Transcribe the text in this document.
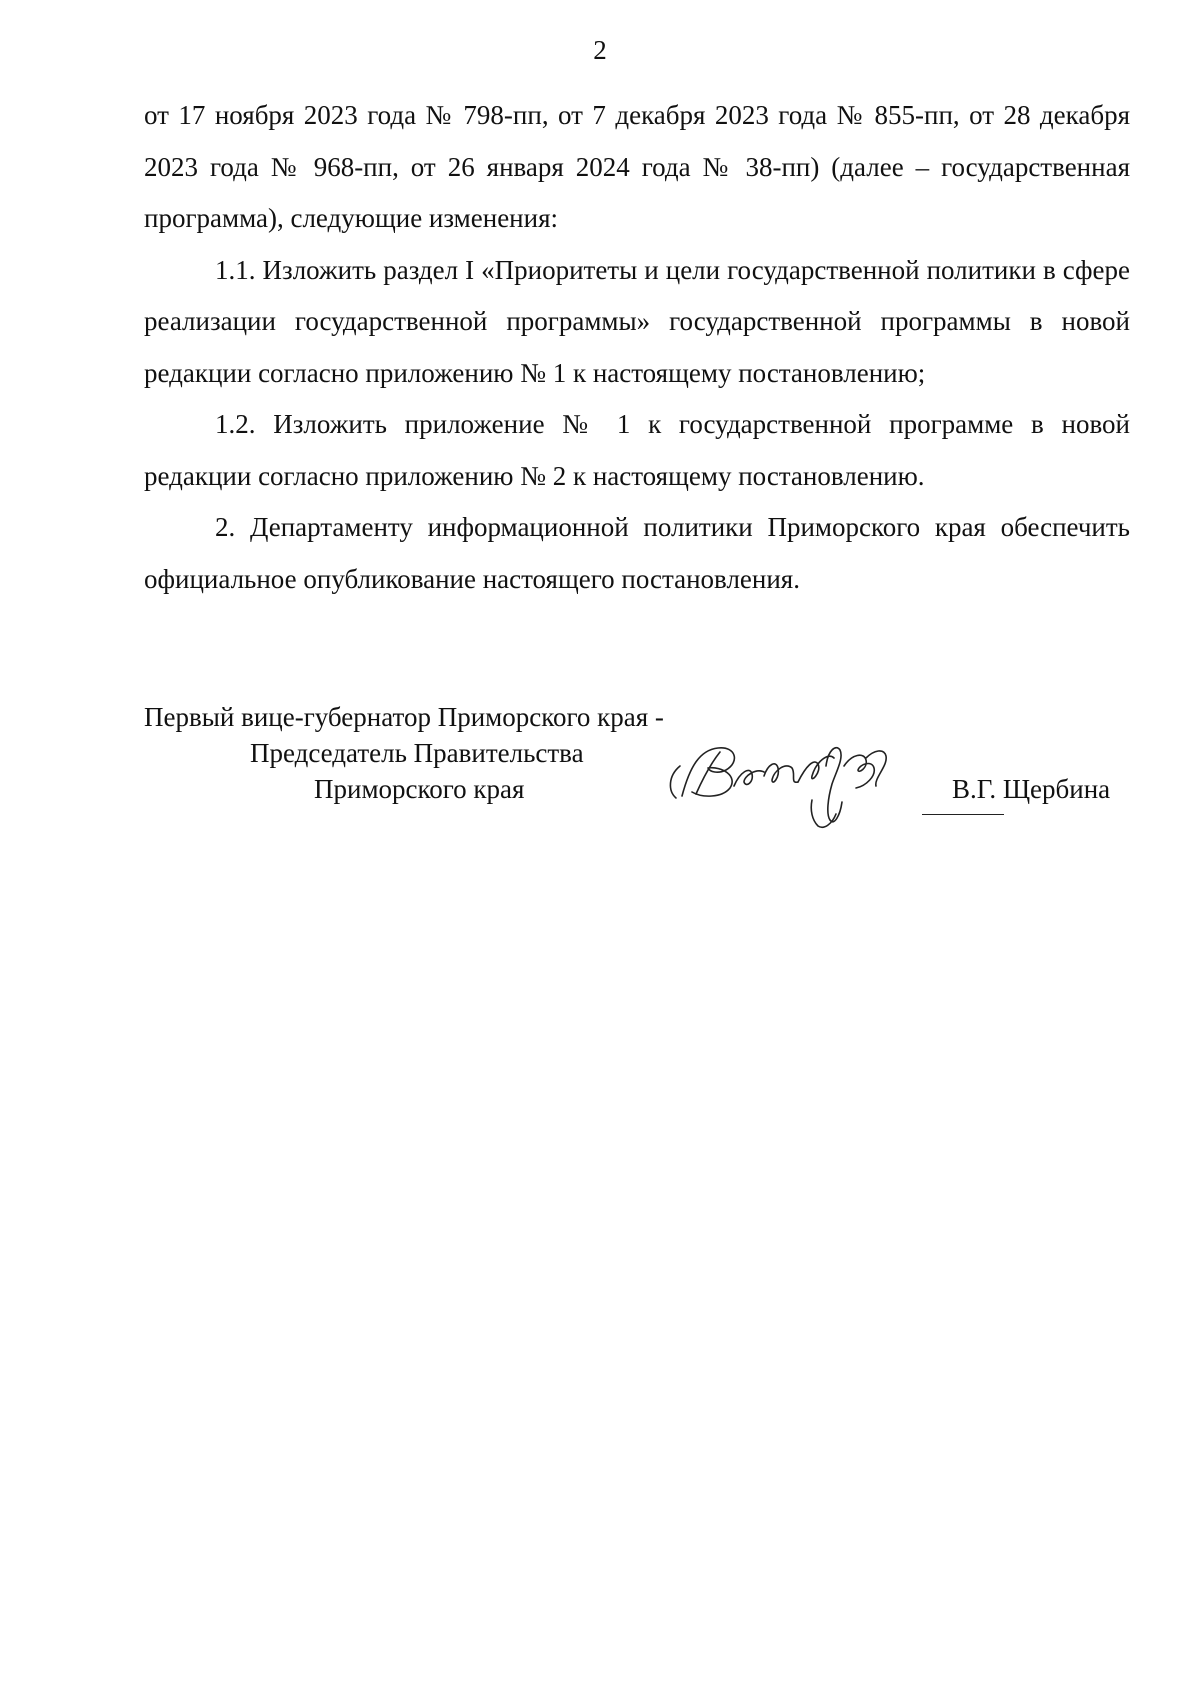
2

от 17 ноября 2023 года № 798-пп, от 7 декабря 2023 года № 855-пп, от 28 декабря 2023 года № 968-пп, от 26 января 2024 года № 38-пп) (далее – государственная программа), следующие изменения:

1.1. Изложить раздел I «Приоритеты и цели государственной политики в сфере реализации государственной программы» государственной программы в новой редакции согласно приложению № 1 к настоящему постановлению;

1.2. Изложить приложение № 1 к государственной программе в новой редакции согласно приложению № 2 к настоящему постановлению.

2. Департаменту информационной политики Приморского края обеспечить официальное опубликование настоящего постановления.

Первый вице-губернатор Приморского края -
Председатель Правительства
Приморского края	В.Г. Щербина
